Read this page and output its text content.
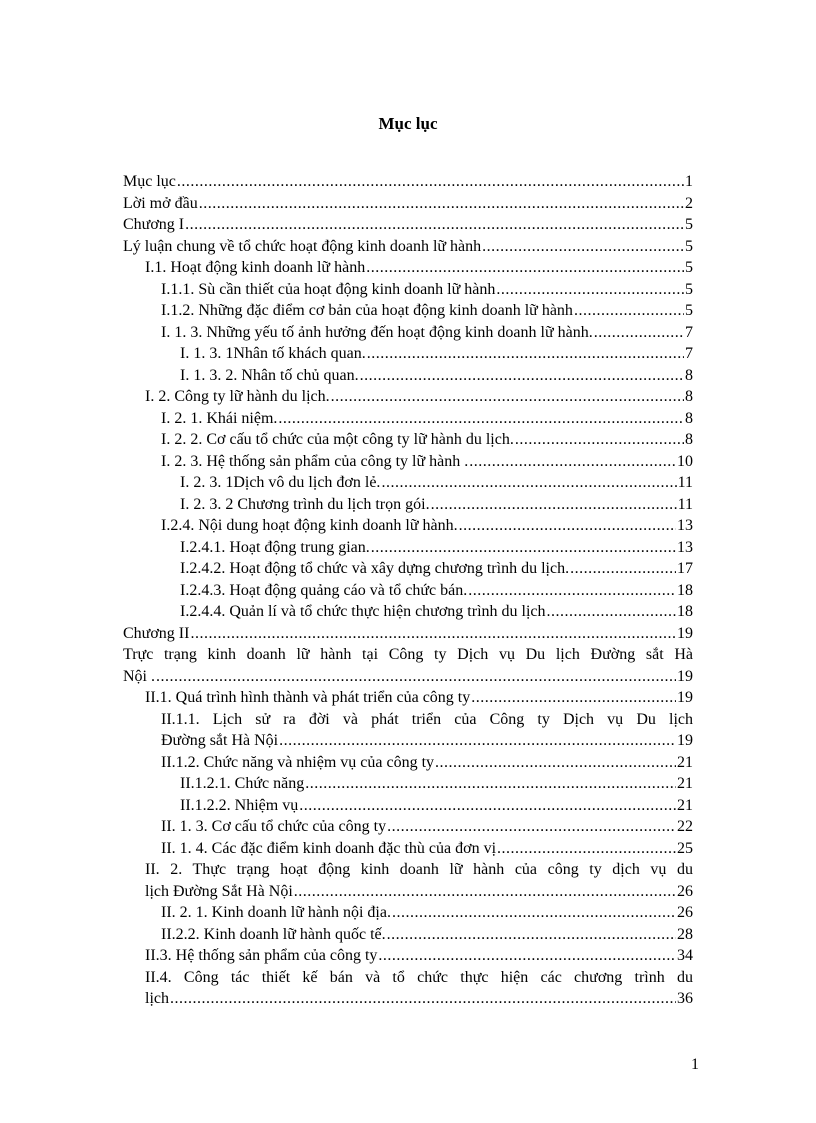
Mục lục
Mục lục .....	1
Lời mở đầu .....	2
Chương I .....	5
Lý luận chung về tổ chức hoạt động kinh doanh lữ hành .....	5
I.1. Hoạt động kinh doanh lữ hành .....	5
I.1.1. Sù cần thiết của hoạt động kinh doanh lữ hành .....	5
I.1.2. Những đặc điểm cơ bản của hoạt động kinh doanh lữ hành .....	5
I. 1. 3. Những yếu tố ảnh hưởng đến hoạt động kinh doanh lữ hành. .....	7
I. 1. 3. 1Nhân tố khách quan. .....	7
I. 1. 3. 2. Nhân tố chủ quan. .....	8
I. 2. Công ty lữ hành du lịch. .....	8
I. 2. 1. Khái niệm. .....	8
I. 2. 2. Cơ cấu tổ chức của một công ty lữ hành du lịch. .....	8
I. 2. 3. Hệ thống sản phẩm của công ty lữ hành . .....	10
I. 2. 3. 1Dịch vô du lịch đơn lẻ. .....	11
I. 2. 3. 2 Chương trình du lịch trọn gói. .....	11
I.2.4. Nội dung hoạt động kinh doanh lữ hành. .....	13
I.2.4.1. Hoạt động trung gian. .....	13
I.2.4.2. Hoạt động tổ chức và xây dựng chương trình du lịch. .....	17
I.2.4.3. Hoạt động quảng cáo và tổ chức bán. .....	18
I.2.4.4. Quản lí và tổ chức thực hiện chương trình du lịch .....	18
Chương II .....	19
Trực trạng kinh doanh lữ hành tại Công ty Dịch vụ Du lịch Đường sắt Hà
Nội . .....	19
II.1. Quá trình hình thành và phát triển của công ty .....	19
II.1.1. Lịch sử ra đời và phát triển của Công ty Dịch vụ Du lịch
Đường sắt Hà Nội .....	19
II.1.2. Chức năng và nhiệm vụ của công ty .....	21
II.1.2.1. Chức năng .....	21
II.1.2.2. Nhiệm vụ .....	21
II. 1. 3. Cơ cấu tổ chức của công ty .....	22
II. 1. 4. Các đặc điểm kinh doanh đặc thù của đơn vị .....	25
II. 2. Thực trạng hoạt động kinh doanh lữ hành của công ty dịch vụ du
lịch Đường Sắt Hà Nội .....	26
II. 2. 1. Kinh doanh lữ hành nội địa. .....	26
II.2.2. Kinh doanh lữ hành quốc tế. .....	28
II.3. Hệ thống sản phẩm của công ty .....	34
II.4. Công tác thiết kế bán và tổ chức thực hiện các chương trình du
lịch .....	36
1
